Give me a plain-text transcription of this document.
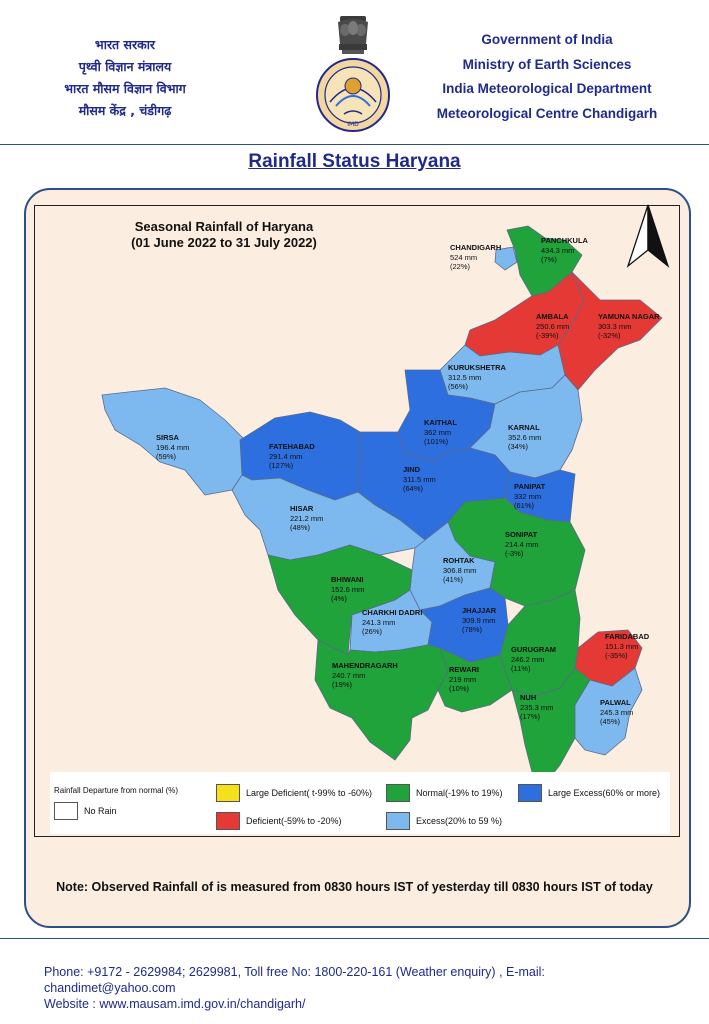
भारत सरकार
पृथ्वी विज्ञान मंत्रालय
भारत मौसम विज्ञान विभाग
मौसम केंद्र , चंडीगढ़
IMD
Government of India
Ministry of Earth Sciences
India Meteorological Department
Meteorological Centre Chandigarh
Rainfall Status Haryana
Seasonal Rainfall of Haryana
(01 June 2022 to 31 July 2022)	CHANDIGARH
524 mm
(22%)
PANCHKULA
434.3 mm
(7%)
AMBALA
250.6 mm
(-39%)
YAMUNA NAGAR
303.3 mm
(-32%)
KURUKSHETRA
312.5 mm
(56%)
KAITHAL
362 mm
(101%)
KARNAL
352.6 mm
(34%)
SIRSA
196.4 mm
(59%)
FATEHABAD
291.4 mm
(127%)	JIND
311.5 mm
(64%)	PANIPAT
332 mm
(61%)
HISAR
221.2 mm
(48%)
SONIPAT
214.4 mm
(-3%)
ROHTAK
306.8 mm
(41%)
BHIWANI
152.6 mm
(4%)
CHARKHI DADRI
241.3 mm
(26%)
JHAJJAR
309.9 mm
(78%)
FARIDABAD
151.3 mm
(-35%)
GURUGRAM
246.2 mm
(11%)
MAHENDRAGARH
240.7 mm
(19%)
REWARI
219 mm
(10%)
NUH
235.3 mm
(17%)
PALWAL
245.3 mm
(45%)
Rainfall Departure from normal (%)	Large Deficient( t-99% to -60%)	Normal(-19% to 19%)	Large Excess(60% or more)
No Rain
Deficient(-59% to -20%)	Excess(20% to 59 %)
Note: Observed Rainfall of is measured from 0830 hours IST of yesterday till 0830 hours IST of today
Phone: +9172 - 2629984; 2629981, Toll free No: 1800-220-161 (Weather enquiry) , E-mail:
chandimet@yahoo.com
Website : www.mausam.imd.gov.in/chandigarh/
